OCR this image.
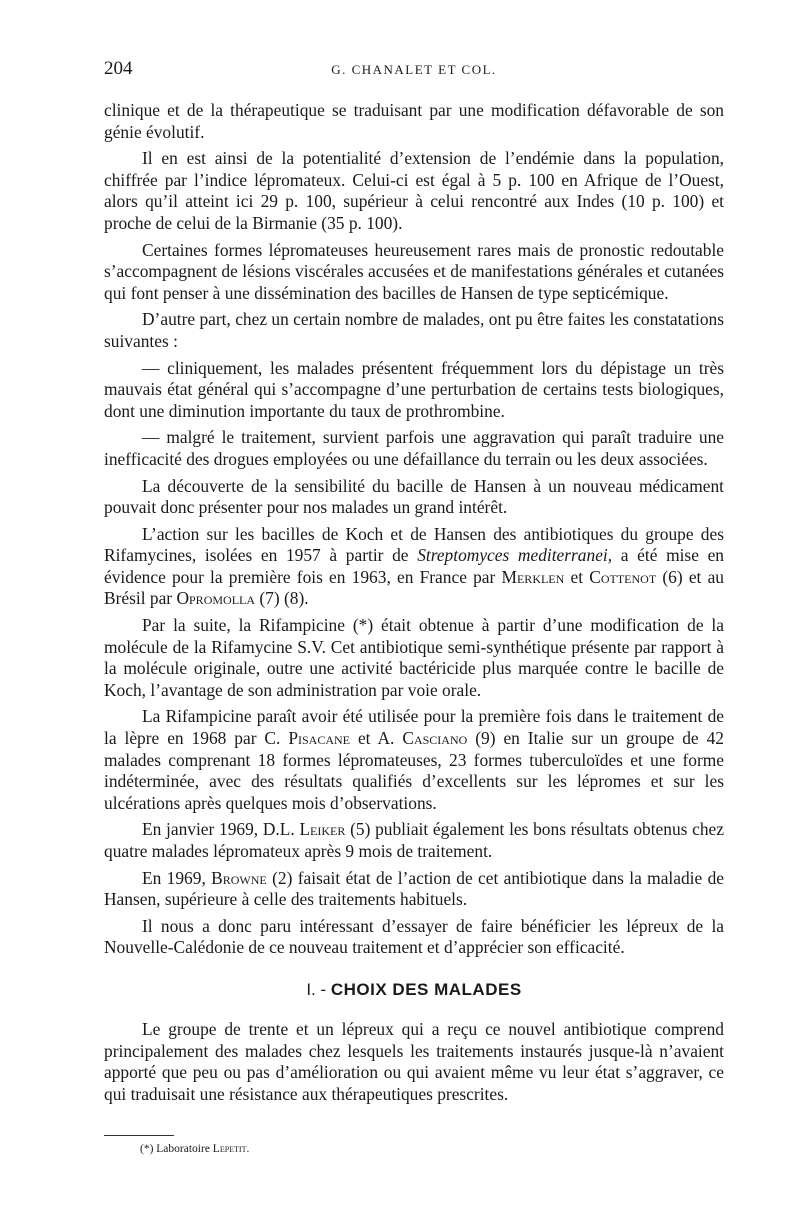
204	G. CHANALET ET COL.

clinique et de la thérapeutique se traduisant par une modification défavorable de son génie évolutif.

Il en est ainsi de la potentialité d’extension de l’endémie dans la population, chiffrée par l’indice lépromateux. Celui-ci est égal à 5 p. 100 en Afrique de l’Ouest, alors qu’il atteint ici 29 p. 100, supérieur à celui rencontré aux Indes (10 p. 100) et proche de celui de la Birmanie (35 p. 100).

Certaines formes lépromateuses heureusement rares mais de pronostic redoutable s’accompagnent de lésions viscérales accusées et de manifestations générales et cutanées qui font penser à une dissémination des bacilles de Hansen de type septicémique.

D’autre part, chez un certain nombre de malades, ont pu être faites les constatations suivantes :

— cliniquement, les malades présentent fréquemment lors du dépistage un très mauvais état général qui s’accompagne d’une perturbation de certains tests biologiques, dont une diminution importante du taux de prothrombine.

— malgré le traitement, survient parfois une aggravation qui paraît traduire une inefficacité des drogues employées ou une défaillance du terrain ou les deux associées.

La découverte de la sensibilité du bacille de Hansen à un nouveau médicament pouvait donc présenter pour nos malades un grand intérêt.

L’action sur les bacilles de Koch et de Hansen des antibiotiques du groupe des Rifamycines, isolées en 1957 à partir de Streptomyces mediterranei, a été mise en évidence pour la première fois en 1963, en France par Merklen et Cottenot (6) et au Brésil par Opromolla (7) (8).

Par la suite, la Rifampicine (*) était obtenue à partir d’une modification de la molécule de la Rifamycine S.V. Cet antibiotique semi-synthétique présente par rapport à la molécule originale, outre une activité bactéricide plus marquée contre le bacille de Koch, l’avantage de son administration par voie orale.

La Rifampicine paraît avoir été utilisée pour la première fois dans le traitement de la lèpre en 1968 par C. Pisacane et A. Casciano (9) en Italie sur un groupe de 42 malades comprenant 18 formes lépromateuses, 23 formes tuberculoïdes et une forme indéterminée, avec des résultats qualifiés d’excellents sur les lépromes et sur les ulcérations après quelques mois d’observations.

En janvier 1969, D.L. Leiker (5) publiait également les bons résultats obtenus chez quatre malades lépromateux après 9 mois de traitement.

En 1969, Browne (2) faisait état de l’action de cet antibiotique dans la maladie de Hansen, supérieure à celle des traitements habituels.

Il nous a donc paru intéressant d’essayer de faire bénéficier les lépreux de la Nouvelle-Calédonie de ce nouveau traitement et d’apprécier son efficacité.

I. - CHOIX DES MALADES

Le groupe de trente et un lépreux qui a reçu ce nouvel antibiotique comprend principalement des malades chez lesquels les traitements instaurés jusque-là n’avaient apporté que peu ou pas d’amélioration ou qui avaient même vu leur état s’aggraver, ce qui traduisait une résistance aux thérapeutiques prescrites.

(*) Laboratoire Lepetit.
